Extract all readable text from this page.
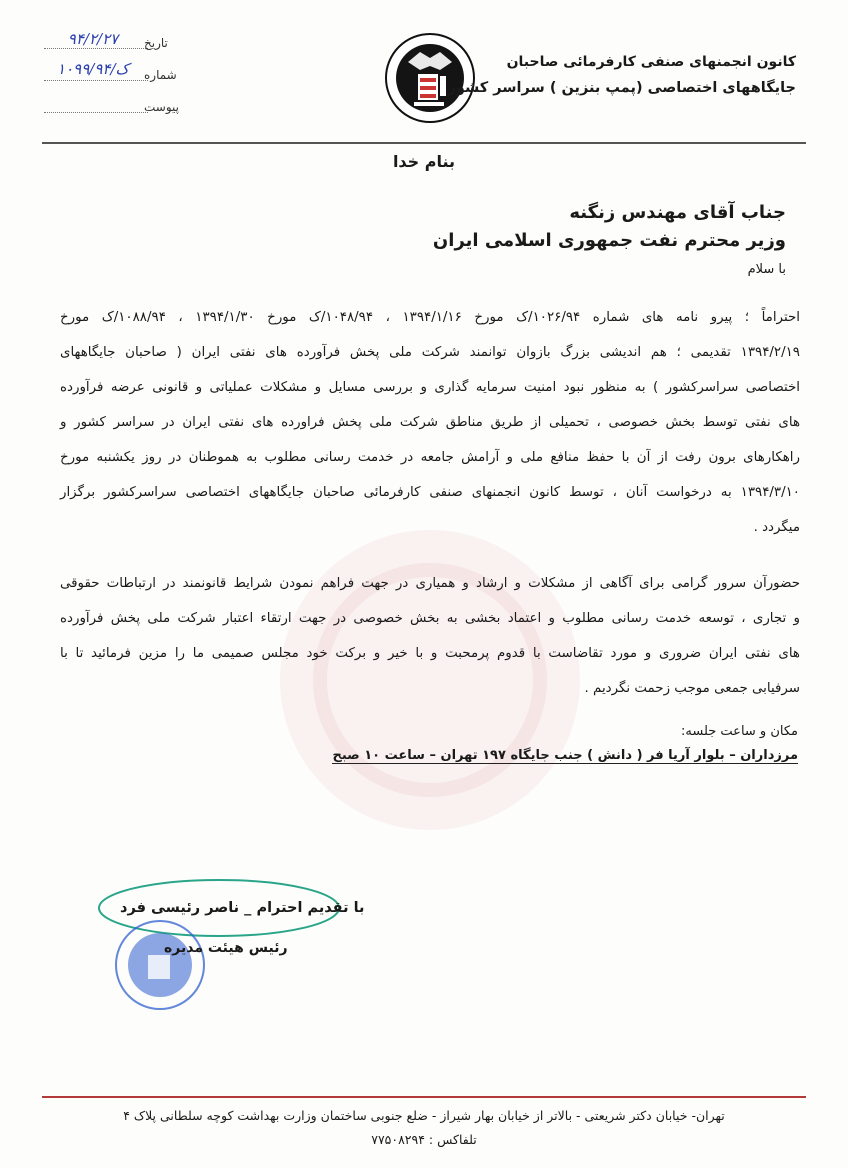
۹۴/۲/۲۷	تاریخ
۱۰۹۹/۹۴/ک	شماره
پیوست
کانون انجمنهای صنفی کارفرمائی صاحبان
جایگاههای اختصاصی (پمپ بنزین ) سراسر کشور
بنام خدا
جناب آقای مهندس زنگنه
وزیر محترم نفت جمهوری اسلامی ایران
با سلام
احتراماً ؛ پیرو نامه های شماره ۱۰۲۶/۹۴/ک مورخ ۱۳۹۴/۱/۱۶ ، ۱۰۴۸/۹۴/ک مورخ ۱۳۹۴/۱/۳۰ ، ۱۰۸۸/۹۴/ک مورخ
۱۳۹۴/۲/۱۹ تقدیمی ؛ هم اندیشی بزرگ بازوان توانمند شرکت ملی پخش فرآورده های نفتی ایران ( صاحبان جایگاههای
اختصاصی سراسرکشور ) به منظور نبود امنیت سرمایه گذاری و بررسی مسایل و مشکلات عملیاتی و قانونی عرضه فرآورده
های نفتی توسط بخش خصوصی ، تحمیلی از طریق مناطق شرکت ملی پخش فراورده های نفتی ایران در سراسر کشور و
راهکارهای برون رفت از آن با حفظ منافع ملی و آرامش جامعه در خدمت رسانی مطلوب به هموطنان در روز یکشنبه مورخ
۱۳۹۴/۳/۱۰ به درخواست آنان ، توسط کانون انجمنهای صنفی کارفرمائی صاحبان جایگاههای اختصاصی سراسرکشور برگزار
میگردد .
حضورآن سرور گرامی برای آگاهی از مشکلات و ارشاد و همیاری در جهت فراهم نمودن شرایط قانونمند در ارتباطات حقوقی
و تجاری ، توسعه خدمت رسانی مطلوب و اعتماد بخشی به بخش خصوصی در جهت ارتقاء اعتبار شرکت ملی پخش فرآورده
های نفتی ایران ضروری و مورد تقاضاست با قدوم پرمحبت و با خیر و برکت خود مجلس صمیمی ما را مزین فرمائید تا با
سرفیابی جمعی موجب زحمت نگردیم .
مکان و ساعت جلسه:
مرزداران – بلوار آریا فر ( دانش ) جنب جایگاه ۱۹۷ تهران – ساعت ۱۰ صبح
با تقدیم احترام _ ناصر رئیسی فرد
رئیس هیئت مدیره
تهران- خیابان دکتر شریعتی - بالاتر از خیابان بهار شیراز - ضلع جنوبی ساختمان وزارت بهداشت کوچه سلطانی پلاک ۴
تلفاکس : ۷۷۵۰۸۲۹۴
